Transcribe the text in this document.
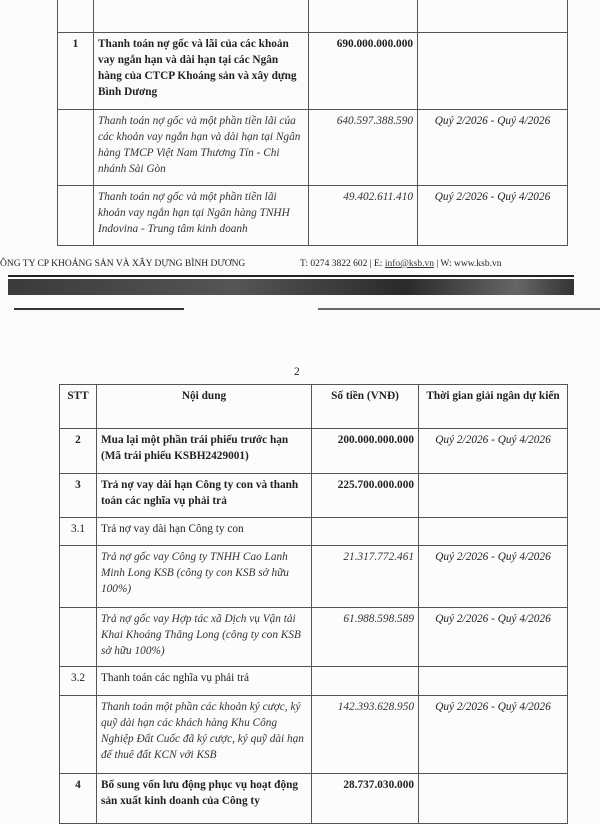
1	Thanh toán nợ gốc và lãi của các khoản vay ngắn hạn và dài hạn tại các Ngân hàng của CTCP Khoáng sản và xây dựng Bình Dương	690.000.000.000	
	Thanh toán nợ gốc và một phần tiền lãi của các khoản vay ngắn hạn và dài hạn tại Ngân hàng TMCP Việt Nam Thương Tín - Chi nhánh Sài Gòn	640.597.388.590	Quý 2/2026 - Quý 4/2026
	Thanh toán nợ gốc và một phần tiền lãi khoản vay ngắn hạn tại Ngân hàng TNHH Indovina - Trung tâm kinh doanh	49.402.611.410	Quý 2/2026 - Quý 4/2026
ÔNG TY CP KHOÁNG SẢN VÀ XÂY DỰNG BÌNH DƯƠNG	T: 0274 3822 602 | E: info@ksb.vn | W: www.ksb.vn
2
STT	Nội dung	Số tiền (VNĐ)	Thời gian giải ngân dự kiến
2	Mua lại một phần trái phiếu trước hạn (Mã trái phiếu KSBH2429001)	200.000.000.000	Quý 2/2026 - Quý 4/2026
3	Trả nợ vay dài hạn Công ty con và thanh toán các nghĩa vụ phải trả	225.700.000.000	
3.1	Trả nợ vay dài hạn Công ty con		
	Trả nợ gốc vay Công ty TNHH Cao Lanh Minh Long KSB (công ty con KSB sở hữu 100%)	21.317.772.461	Quý 2/2026 - Quý 4/2026
	Trả nợ gốc vay Hợp tác xã Dịch vụ Vận tải Khai Khoáng Thăng Long (công ty con KSB sở hữu 100%)	61.988.598.589	Quý 2/2026 - Quý 4/2026
3.2	Thanh toán các nghĩa vụ phải trả		
	Thanh toán một phần các khoản ký cược, ký quỹ dài hạn các khách hàng Khu Công Nghiệp Đất Cuốc đã ký cược, ký quỹ dài hạn để thuê đất KCN với KSB	142.393.628.950	Quý 2/2026 - Quý 4/2026
4	Bổ sung vốn lưu động phục vụ hoạt động sản xuất kinh doanh của Công ty	28.737.030.000	
